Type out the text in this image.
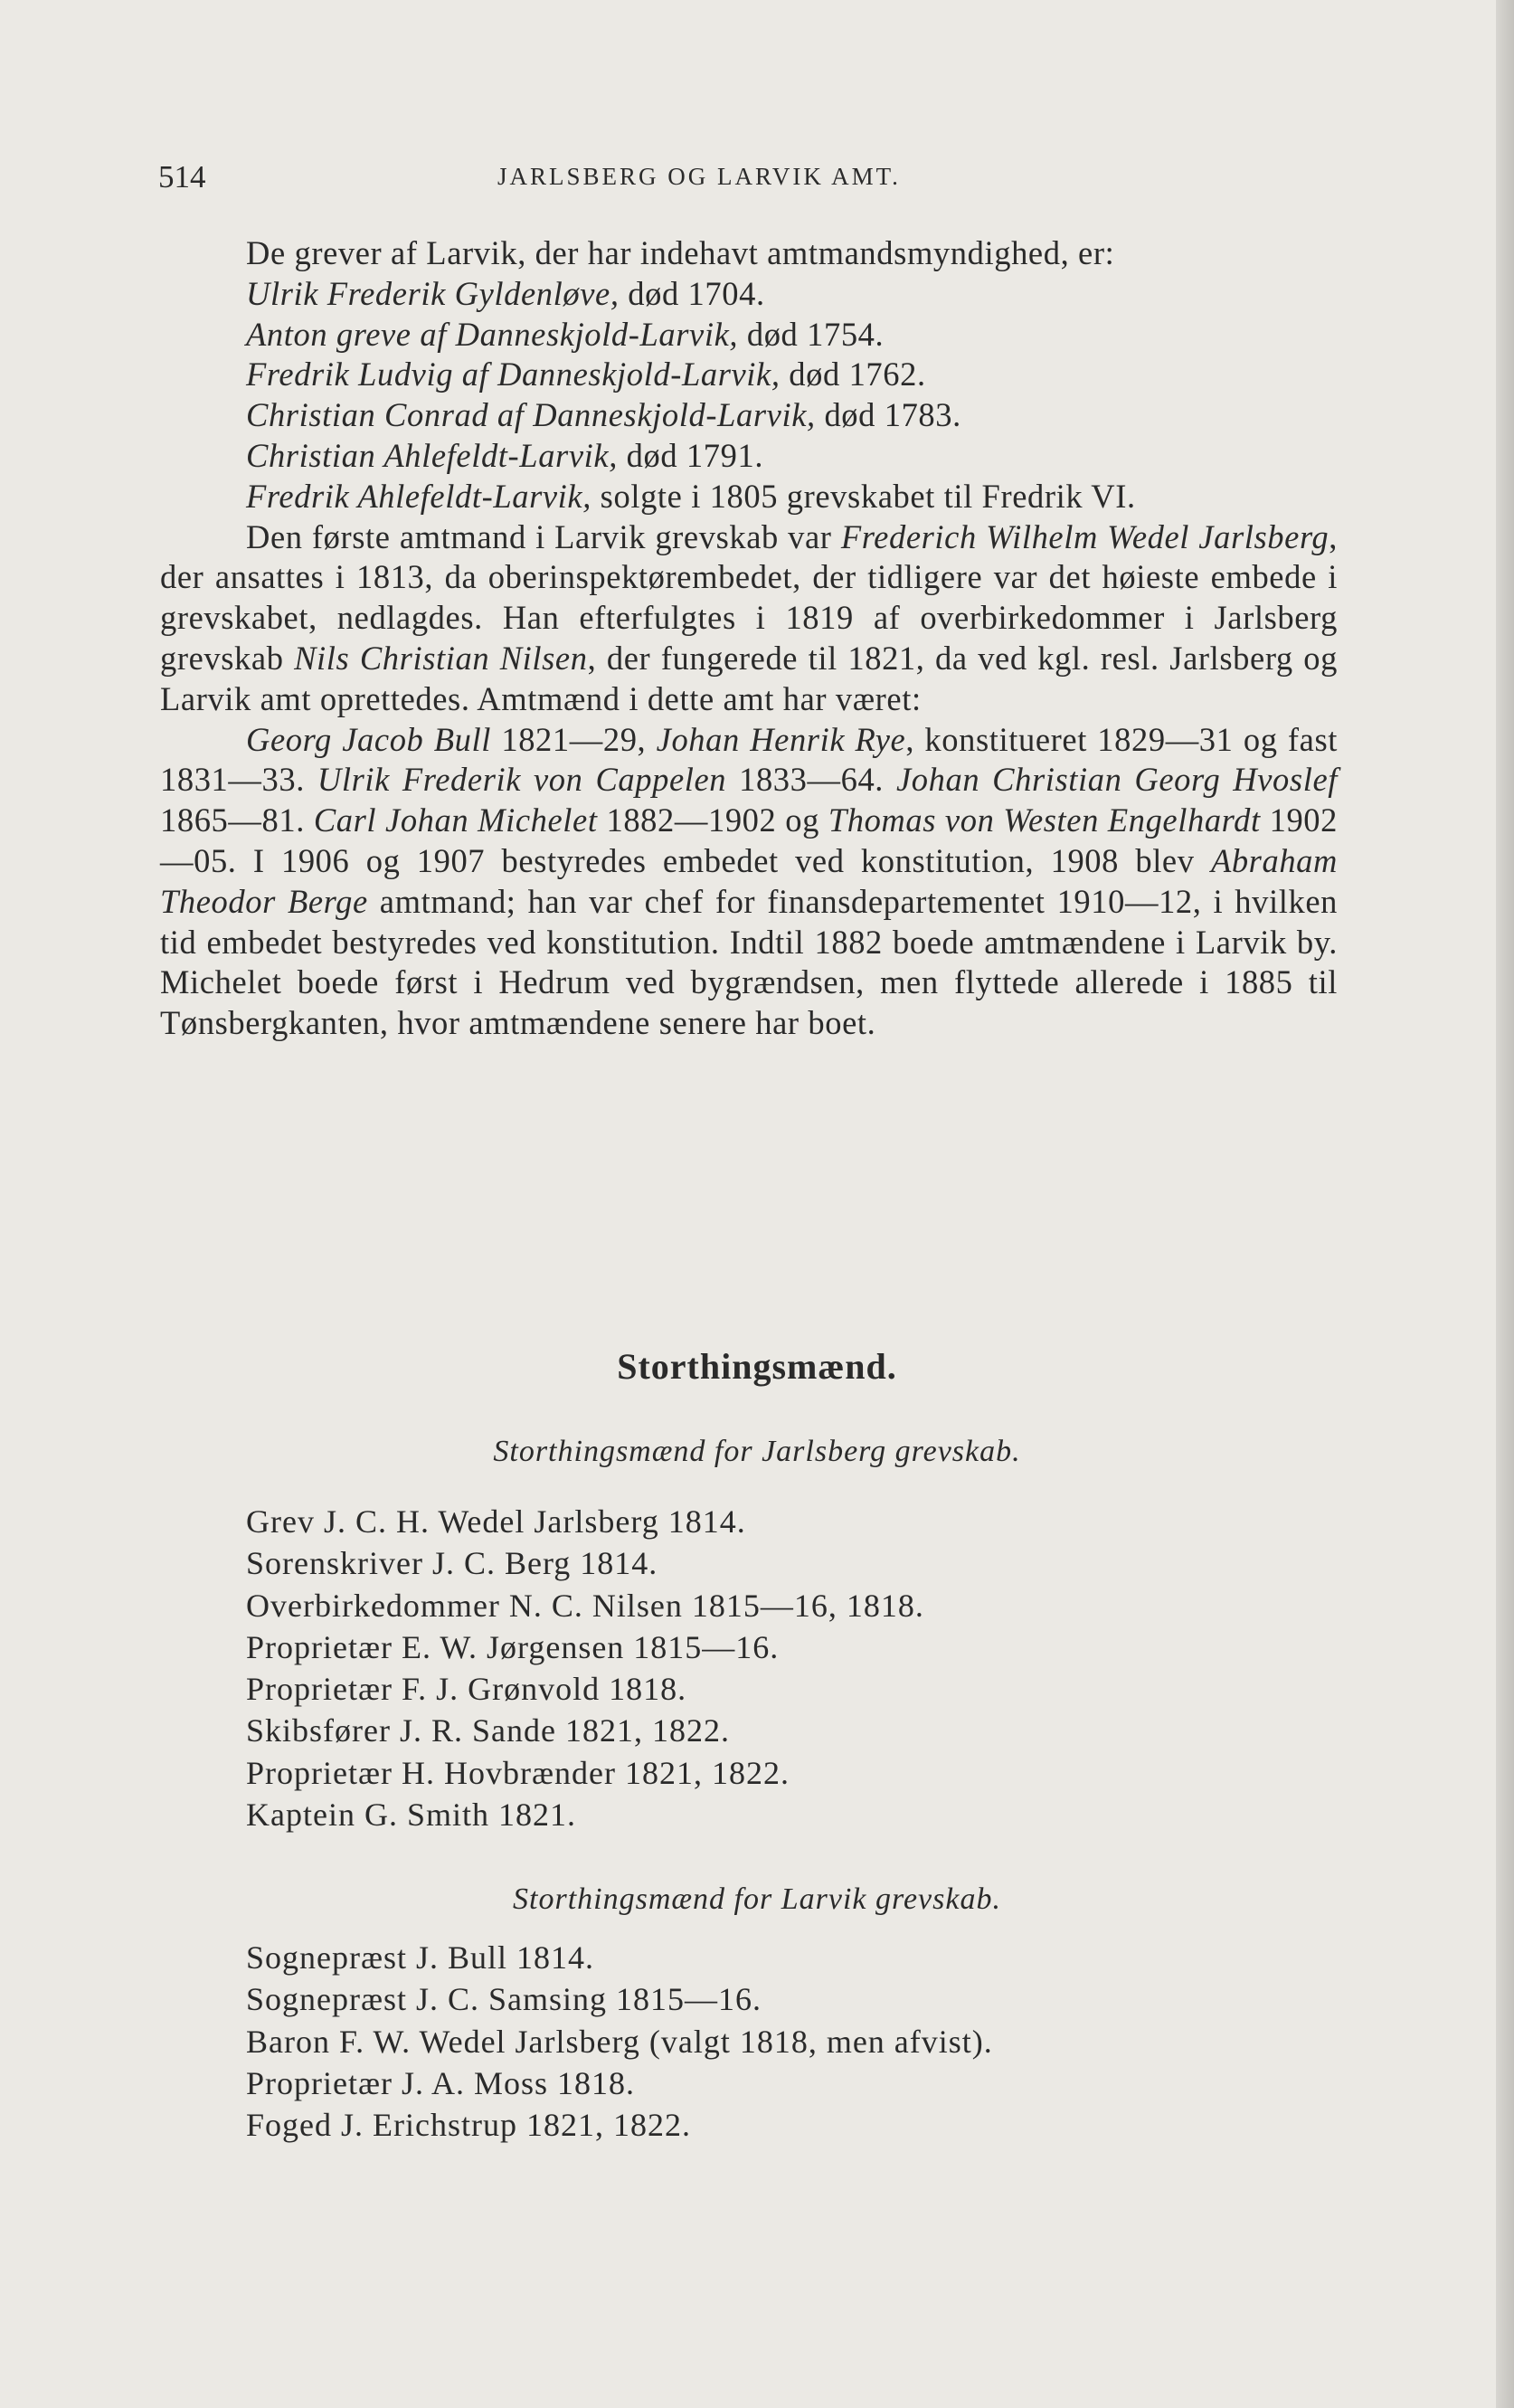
514	JARLSBERG OG LARVIK AMT.

De grever af Larvik, der har indehavt amtmandsmyndighed, er:

Ulrik Frederik Gyldenløve, død 1704.
Anton greve af Danneskjold-Larvik, død 1754.
Fredrik Ludvig af Danneskjold-Larvik, død 1762.
Christian Conrad af Danneskjold-Larvik, død 1783.
Christian Ahlefeldt-Larvik, død 1791.
Fredrik Ahlefeldt-Larvik, solgte i 1805 grevskabet til Fredrik VI.

Den første amtmand i Larvik grevskab var Frederich Wilhelm Wedel Jarlsberg, der ansattes i 1813, da oberinspektørembedet, der tidligere var det høieste embede i grevskabet, nedlagdes. Han efterfulgtes i 1819 af overbirkedommer i Jarlsberg grevskab Nils Christian Nilsen, der fungerede til 1821, da ved kgl. resl. Jarlsberg og Larvik amt oprettedes. Amtmænd i dette amt har været:

Georg Jacob Bull 1821—29, Johan Henrik Rye, konstitueret 1829—31 og fast 1831—33. Ulrik Frederik von Cappelen 1833—64. Johan Christian Georg Hvoslef 1865—81. Carl Johan Michelet 1882—1902 og Thomas von Westen Engelhardt 1902—05. I 1906 og 1907 bestyredes embedet ved konstitution, 1908 blev Abraham Theodor Berge amtmand; han var chef for finansdepartementet 1910—12, i hvilken tid embedet bestyredes ved konstitution. Indtil 1882 boede amtmændene i Larvik by. Michelet boede først i Hedrum ved bygrændsen, men flyttede allerede i 1885 til Tønsbergkanten, hvor amtmændene senere har boet.

Storthingsmænd.
Storthingsmænd for Jarlsberg grevskab.
Grev J. C. H. Wedel Jarlsberg 1814.
Sorenskriver J. C. Berg 1814.
Overbirkedommer N. C. Nilsen 1815—16, 1818.
Proprietær E. W. Jørgensen 1815—16.
Proprietær F. J. Grønvold 1818.
Skibsfører J. R. Sande 1821, 1822.
Proprietær H. Hovbrænder 1821, 1822.
Kaptein G. Smith 1821.
Storthingsmænd for Larvik grevskab.
Sognepræst J. Bull 1814.
Sognepræst J. C. Samsing 1815—16.
Baron F. W. Wedel Jarlsberg (valgt 1818, men afvist).
Proprietær J. A. Moss 1818.
Foged J. Erichstrup 1821, 1822.
